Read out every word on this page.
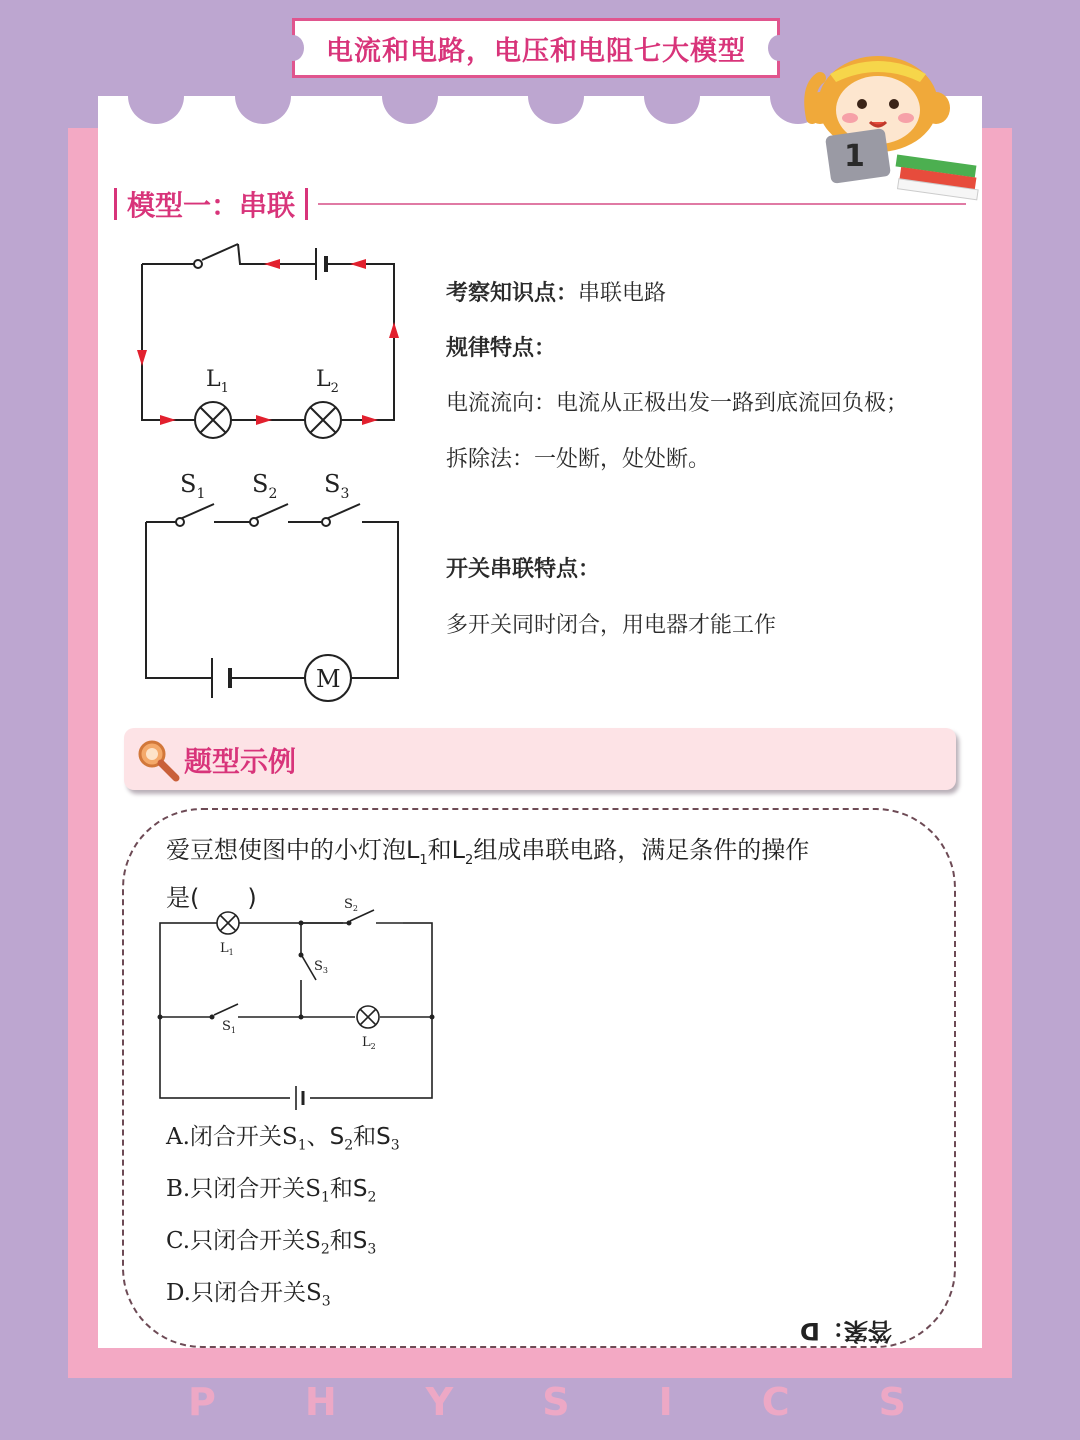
电流和电路，电压和电阻七大模型
1
模型一：串联
$L_1$	$L_2$
M
$S_1$ $S_2$ $S_3$
考察知识点：串联电路
规律特点：
电流流向：电流从正极出发一路到底流回负极；
拆除法：一处断，处处断。
开关串联特点：
多开关同时闭合，用电器才能工作
题型示例
爱豆想使图中的小灯泡$L_1$和$L_2$组成串联电路，满足条件的操作
是(　　)
$L_1$
$L_2$
$S_1$
$S_2$
$S_3$
A.闭合开关$S_1$、$S_2$和$S_3$
B.只闭合开关$S_1$和$S_2$
C.只闭合开关$S_2$和$S_3$
D.只闭合开关$S_3$
答案：D
P H Y S I C S
